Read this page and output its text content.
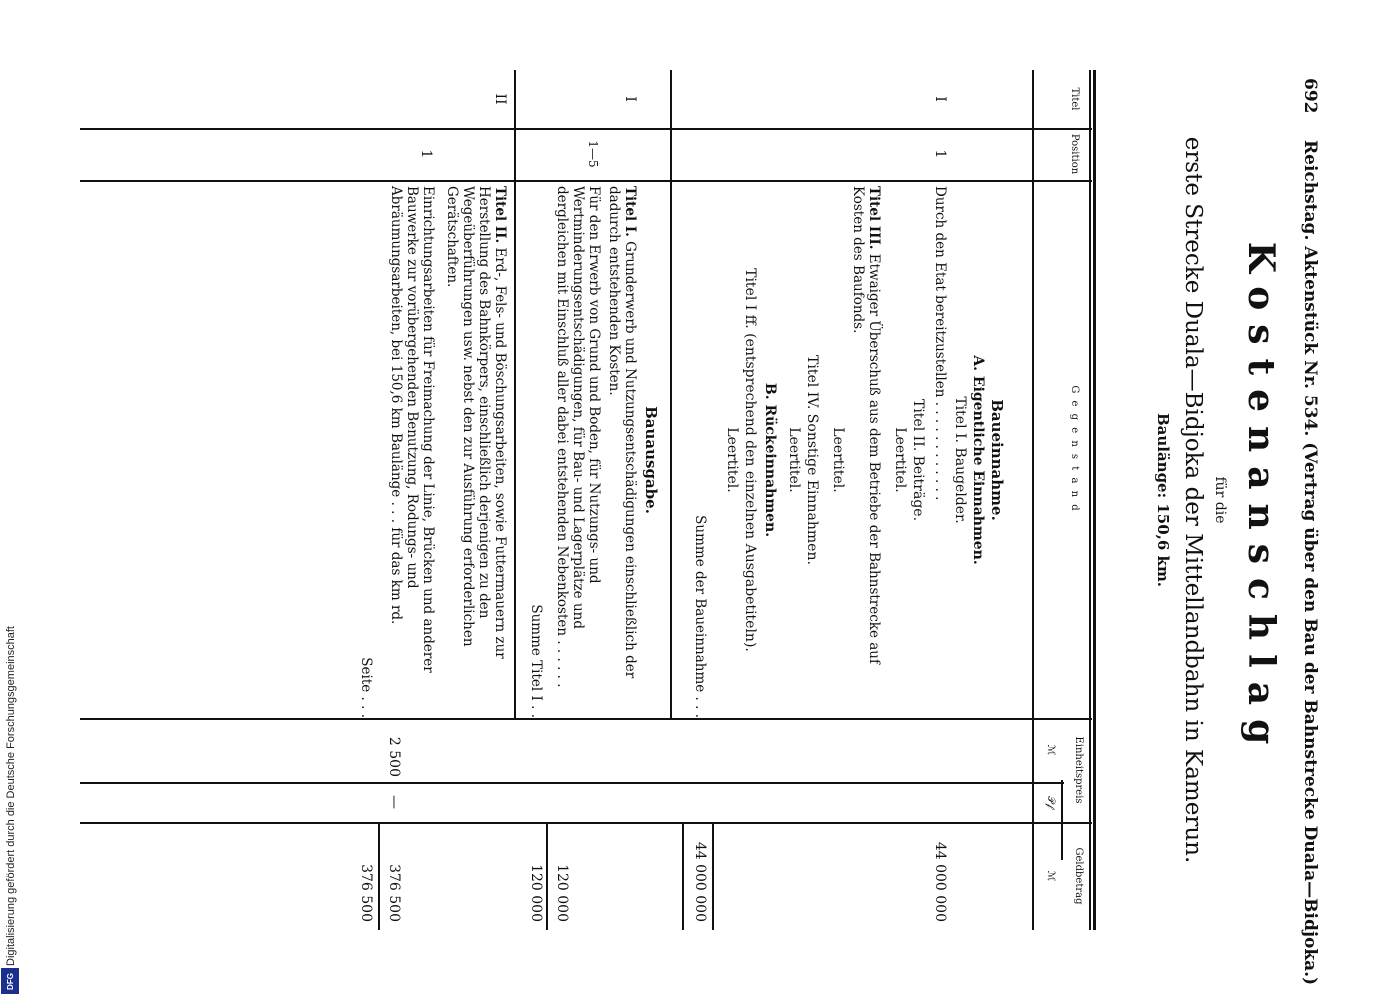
Digitalisierung gefördert durch die Deutsche Forschungsgemeinschaft
DFG
692
Reichstag. Aktenstück Nr. 534. (Vertrag über den Bau der Bahnstrecke Duala—Bidjoka.)
Kostenanschlag
für die
erste Strecke Duala—Bidjoka der Mittellandbahn in Kamerun.
Baulänge: 150,6 km.
Titel
Position
G e g e n s t a n d
Einheitspreis
ℳ
𝒫𝒻
Geldbetrag
ℳ
Baueinnahme.
A. Eigentliche Einnahmen.
Titel I. Baugelder.
I
1
Durch den Etat bereitzustellen . . . . . . . . . . . .
44 000 000
Titel II. Beiträge.
Leertitel.
Titel III. Etwaiger Überschuß aus dem Betriebe der Bahnstrecke auf Kosten des Baufonds.
Leertitel.
Titel IV. Sonstige Einnahmen.
Leertitel.
B. Rückeinnahmen.
Titel I ff. (entsprechend den einzelnen Ausgabetiteln).
Leertitel.
Summe der Baueinnahme . . .
44 000 000
Bauausgabe.
I
Titel I. Grunderwerb und Nutzungsentschädigungen einschließlich der dadurch entstehenden Kosten.
1—5
Für den Erwerb von Grund und Boden, für Nutzungs- und Wertminderungsentschädigungen, für Bau- und Lagerplätze und dergleichen mit Einschluß aller dabei entstehenden Nebenkosten . . . . . .
120 000
Summe Titel I . .
120 000
II
Titel II. Erd-, Fels- und Böschungsarbeiten, sowie Futtermauern zur Herstellung des Bahnkörpers, einschließlich derjenigen zu den Wegeüberführungen usw. nebst den zur Ausführung erforderlichen Gerätschaften.
1
Einrichtungsarbeiten für Freimachung der Linie, Brücken und anderer Bauwerke zur vorübergehenden Benutzung, Rodungs- und Abräumungsarbeiten, bei 150,6 km Baulänge . . . für das km rd.
2 500
—
376 500
Seite . . .
376 500
